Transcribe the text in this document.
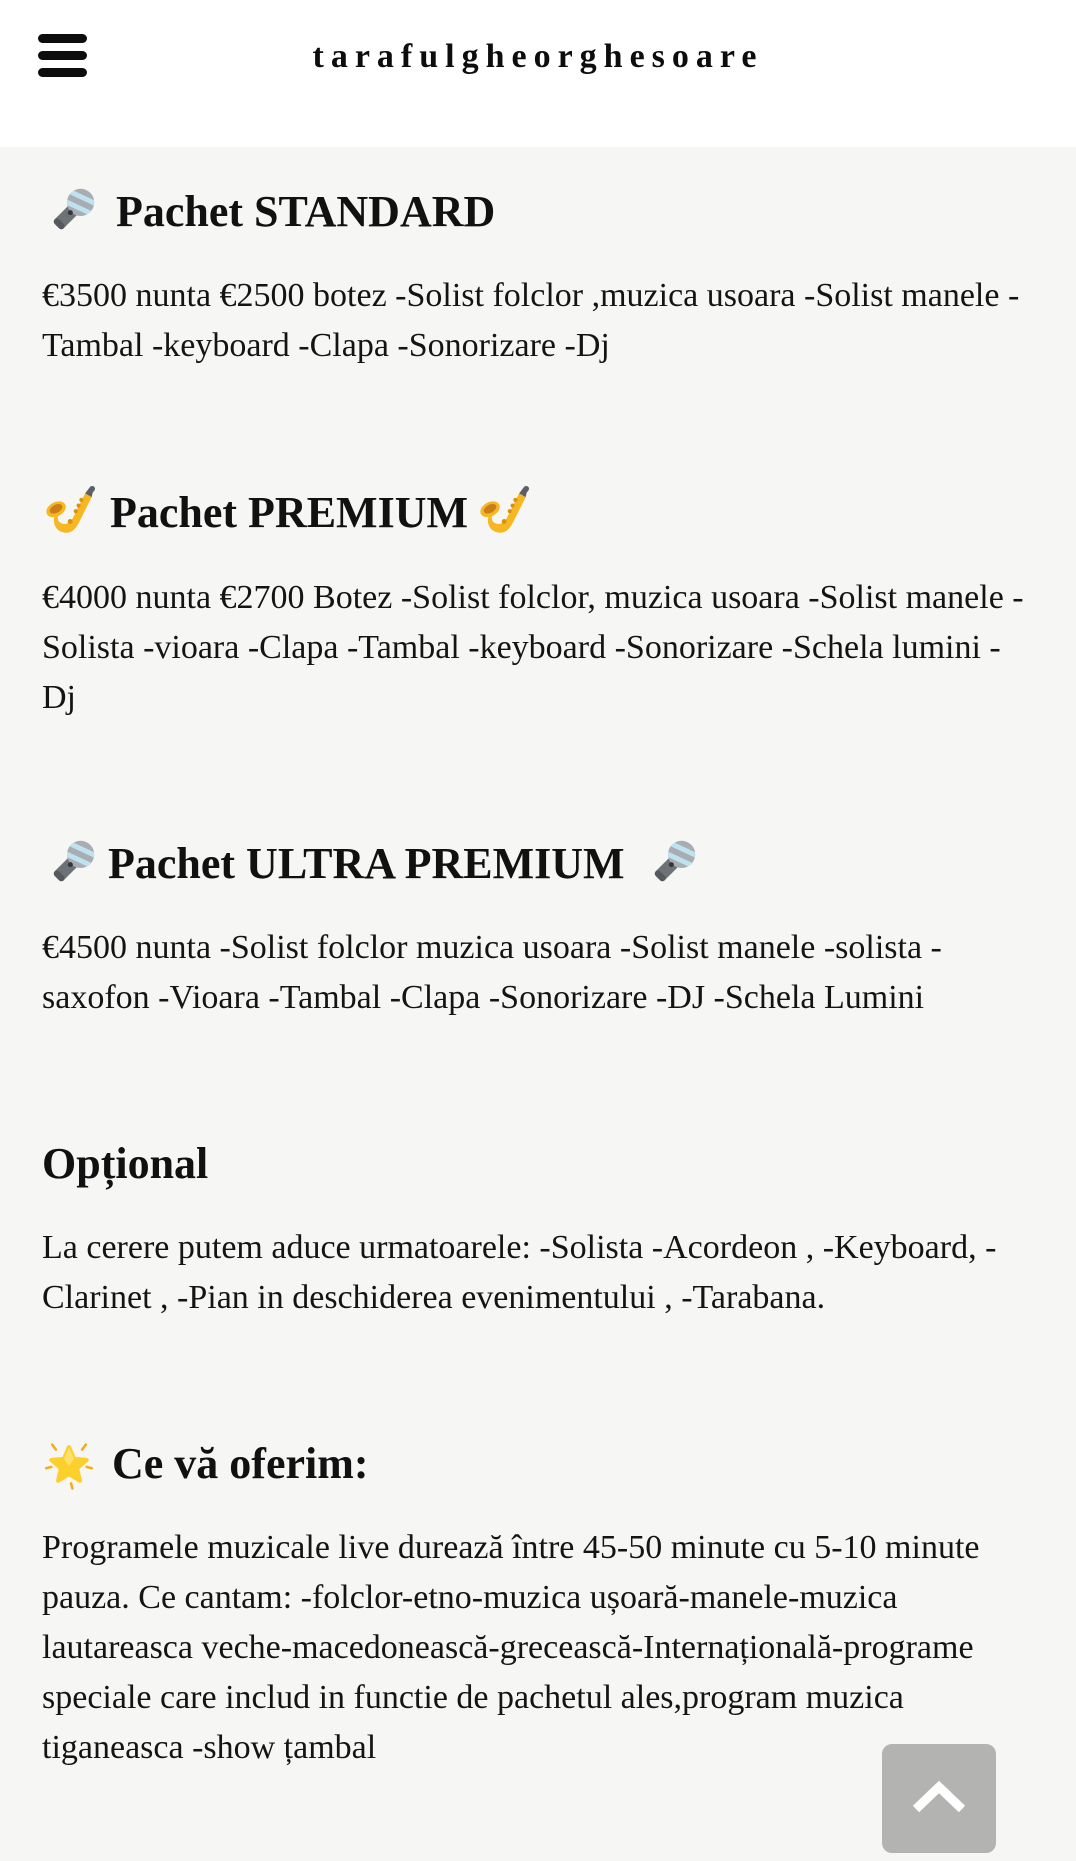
tarafulgheorghesoare
Pachet STANDARD

€3500 nunta €2500 botez -Solist folclor ,muzica usoara -Solist manele -Tambal -keyboard -Clapa -Sonorizare -Dj

Pachet PREMIUM

€4000 nunta €2700 Botez -Solist folclor, muzica usoara -Solist manele -Solista -vioara -Clapa -Tambal -keyboard -Sonorizare -Schela lumini -Dj

Pachet ULTRA PREMIUM

€4500 nunta -Solist folclor muzica usoara -Solist manele -solista -saxofon -Vioara -Tambal -Clapa -Sonorizare -DJ -Schela Lumini

Opțional

La cerere putem aduce urmatoarele: -Solista -Acordeon , -Keyboard, -Clarinet , -Pian in deschiderea evenimentului , -Tarabana.

Ce vă oferim:

Programele muzicale live durează între 45-50 minute cu 5-10 minute pauza. Ce cantam: -folclor-etno-muzica ușoară-manele-muzica lautareasca veche-macedonească-grecească-Internațională-programe speciale care includ in functie de pachetul ales,program muzica tiganeasca -show țambal
